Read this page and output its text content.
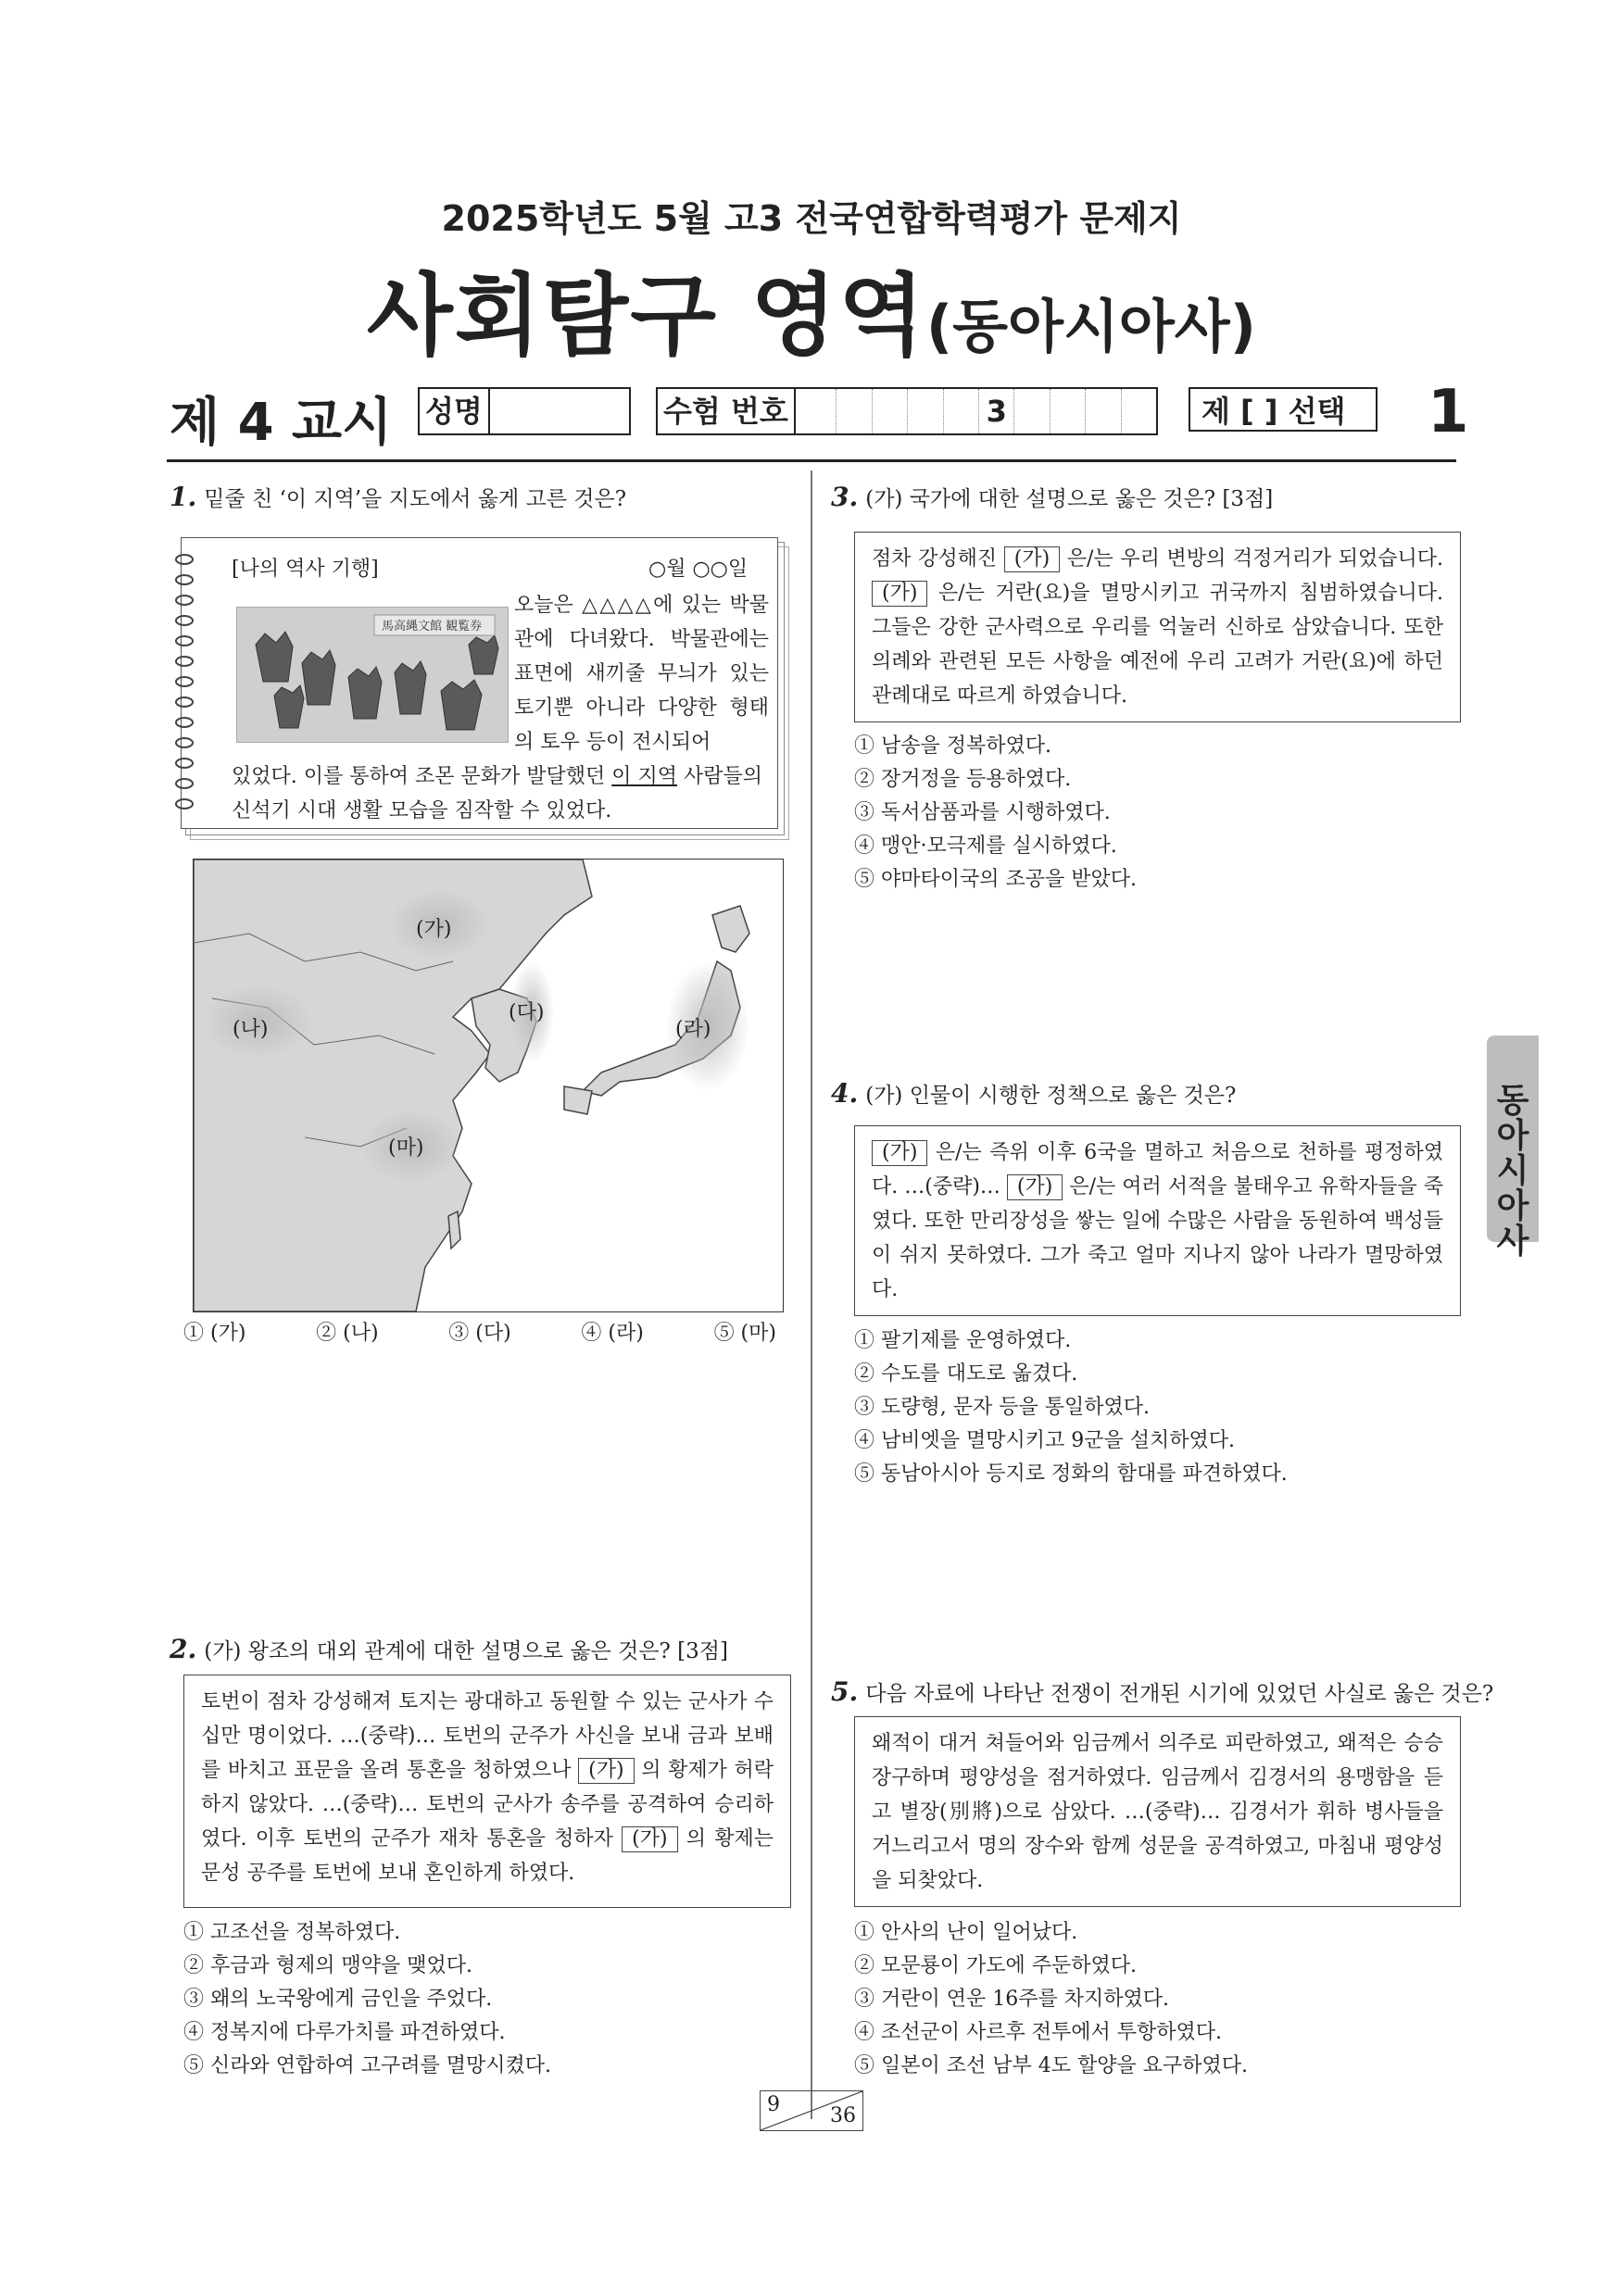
2025학년도 5월 고3 전국연합학력평가 문제지
사회탐구 영역(동아시아사)
제 4 교시 성명	수험 번호	3	제 [ ] 선택	1
1. 밑줄 친 ‘이 지역’을 지도에서 옳게 고른 것은?
[나의 역사 기행]	○월 ○○일
馬高縄文館 観覧券
오늘은 △△△△에 있는 박물관에 다녀왔다. 박물관에는 표면에 새끼줄 무늬가 있는 토기뿐 아니라 다양한 형태의 토우 등이 전시되어
있었다. 이를 통하여 조몬 문화가 발달했던 이 지역 사람들의 신석기 시대 생활 모습을 짐작할 수 있었다.
(가)
(나)
(다)
(라)
(마)
① (가)	② (나)	③ (다)	④ (라)	⑤ (마)
2. (가) 왕조의 대외 관계에 대한 설명으로 옳은 것은? [3점]
토번이 점차 강성해져 토지는 광대하고 동원할 수 있는 군사가 수십만 명이었다. …(중략)… 토번의 군주가 사신을 보내 금과 보배를 바치고 표문을 올려 통혼을 청하였으나 (가) 의 황제가 허락하지 않았다. …(중략)… 토번의 군사가 송주를 공격하여 승리하였다. 이후 토번의 군주가 재차 통혼을 청하자 (가) 의 황제는 문성 공주를 토번에 보내 혼인하게 하였다.
① 고조선을 정복하였다.
② 후금과 형제의 맹약을 맺었다.
③ 왜의 노국왕에게 금인을 주었다.
④ 정복지에 다루가치를 파견하였다.
⑤ 신라와 연합하여 고구려를 멸망시켰다.
3. (가) 국가에 대한 설명으로 옳은 것은? [3점]
점차 강성해진 (가) 은/는 우리 변방의 걱정거리가 되었습니다. (가) 은/는 거란(요)을 멸망시키고 귀국까지 침범하였습니다. 그들은 강한 군사력으로 우리를 억눌러 신하로 삼았습니다. 또한 의례와 관련된 모든 사항을 예전에 우리 고려가 거란(요)에 하던 관례대로 따르게 하였습니다.
① 남송을 정복하였다.
② 장거정을 등용하였다.
③ 독서삼품과를 시행하였다.
④ 맹안·모극제를 실시하였다.
⑤ 야마타이국의 조공을 받았다.
4. (가) 인물이 시행한 정책으로 옳은 것은?
(가) 은/는 즉위 이후 6국을 멸하고 처음으로 천하를 평정하였다. …(중략)… (가) 은/는 여러 서적을 불태우고 유학자들을 죽였다. 또한 만리장성을 쌓는 일에 수많은 사람을 동원하여 백성들이 쉬지 못하였다. 그가 죽고 얼마 지나지 않아 나라가 멸망하였다.
① 팔기제를 운영하였다.
② 수도를 대도로 옮겼다.
③ 도량형, 문자 등을 통일하였다.
④ 남비엣을 멸망시키고 9군을 설치하였다.
⑤ 동남아시아 등지로 정화의 함대를 파견하였다.
5. 다음 자료에 나타난 전쟁이 전개된 시기에 있었던 사실로 옳은 것은?
왜적이 대거 쳐들어와 임금께서 의주로 피란하였고, 왜적은 승승장구하며 평양성을 점거하였다. 임금께서 김경서의 용맹함을 듣고 별장(別將)으로 삼았다. …(중략)… 김경서가 휘하 병사들을 거느리고서 명의 장수와 함께 성문을 공격하였고, 마침내 평양성을 되찾았다.
① 안사의 난이 일어났다.
② 모문룡이 가도에 주둔하였다.
③ 거란이 연운 16주를 차지하였다.
④ 조선군이 사르후 전투에서 투항하였다.
⑤ 일본이 조선 남부 4도 할양을 요구하였다.
동아시아사
9 36
